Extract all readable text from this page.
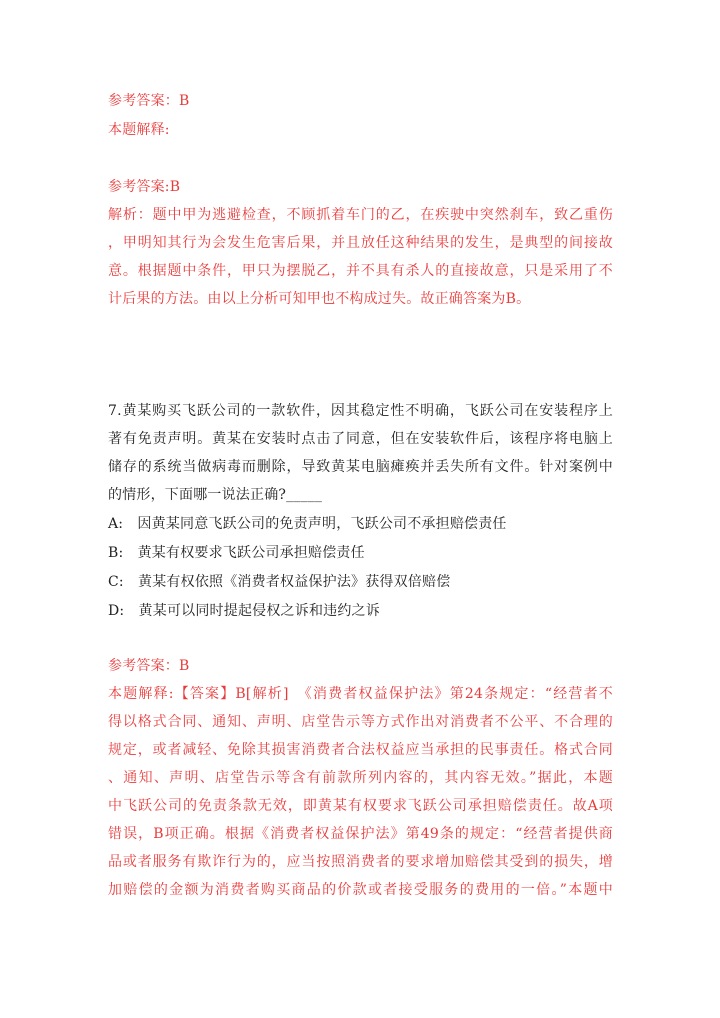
参考答案：B
本题解释:
参考答案:B
解析：题中甲为逃避检查，不顾抓着车门的乙，在疾驶中突然刹车，致乙重伤
，甲明知其行为会发生危害后果，并且放任这种结果的发生，是典型的间接故
意。根据题中条件，甲只为摆脱乙，并不具有杀人的直接故意，只是采用了不
计后果的方法。由以上分析可知甲也不构成过失。故正确答案为B。
7.黄某购买飞跃公司的一款软件，因其稳定性不明确，飞跃公司在安装程序上
著有免责声明。黄某在安装时点击了同意，但在安装软件后，该程序将电脑上
储存的系统当做病毒而删除，导致黄某电脑瘫痪并丢失所有文件。针对案例中
的情形，下面哪一说法正确?_____
A:　因黄某同意飞跃公司的免责声明，飞跃公司不承担赔偿责任
B:　黄某有权要求飞跃公司承担赔偿责任
C:　黄某有权依照《消费者权益保护法》获得双倍赔偿
D:　黄某可以同时提起侵权之诉和违约之诉
参考答案：B
本题解释:【答案】B[解析]　《消费者权益保护法》第24条规定：“经营者不
得以格式合同、通知、声明、店堂告示等方式作出对消费者不公平、不合理的
规定，或者减轻、免除其损害消费者合法权益应当承担的民事责任。格式合同
、通知、声明、店堂告示等含有前款所列内容的，其内容无效。”据此，本题
中飞跃公司的免责条款无效，即黄某有权要求飞跃公司承担赔偿责任。故A项
错误，B项正确。根据《消费者权益保护法》第49条的规定：“经营者提供商
品或者服务有欺诈行为的，应当按照消费者的要求增加赔偿其受到的损失，增
加赔偿的金额为消费者购买商品的价款或者接受服务的费用的一倍。”本题中
